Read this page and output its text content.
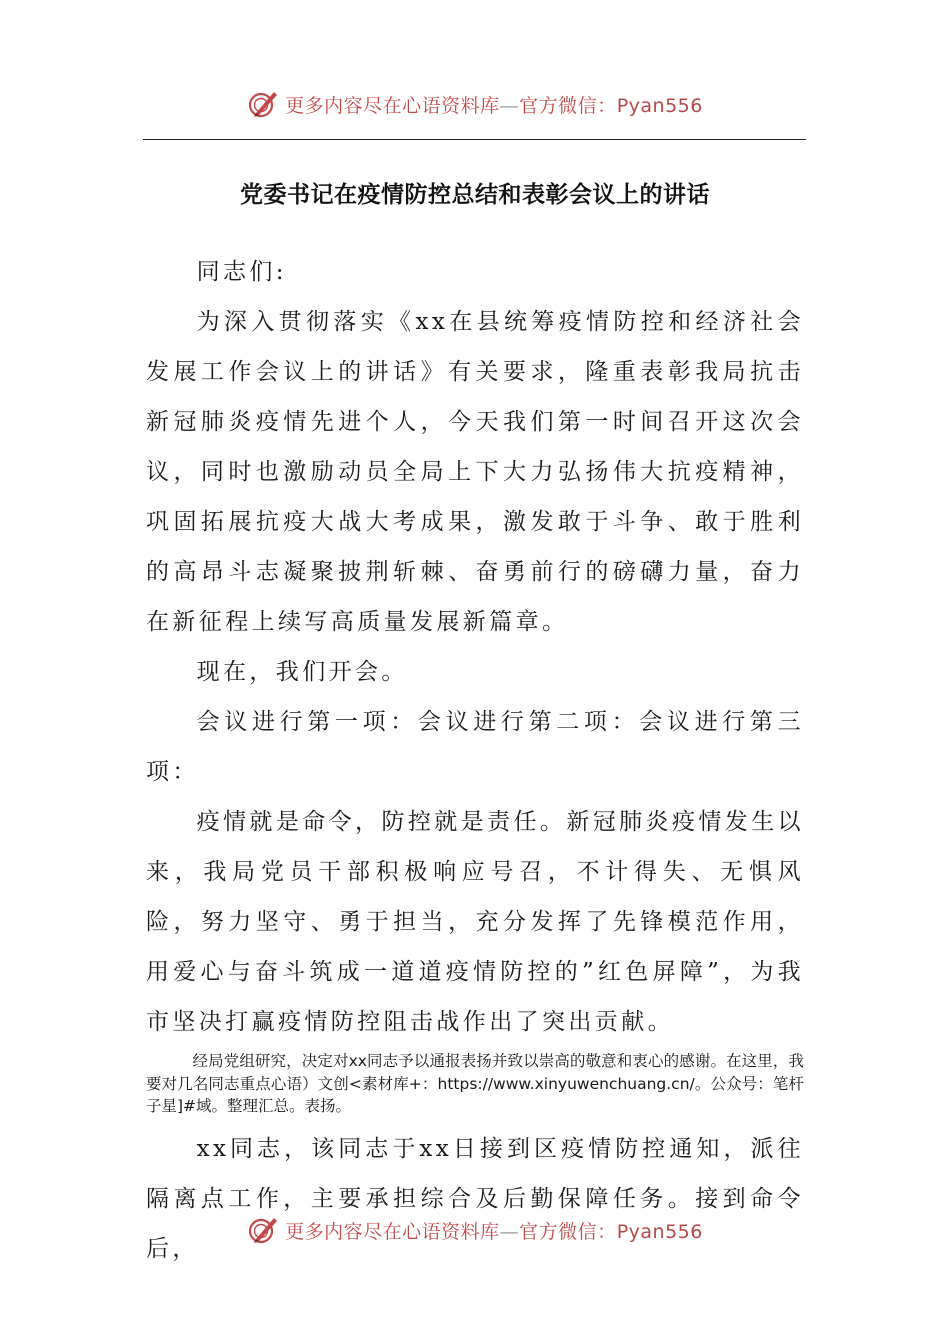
更多内容尽在心语资料库—官方微信：Pyan556
党委书记在疫情防控总结和表彰会议上的讲话

同志们:

为深入贯彻落实《xx在县统筹疫情防控和经济社会发展工作会议上的讲话》有关要求，隆重表彰我局抗击新冠肺炎疫情先进个人，今天我们第一时间召开这次会议，同时也激励动员全局上下大力弘扬伟大抗疫精神，巩固拓展抗疫大战大考成果，激发敢于斗争、敢于胜利的高昂斗志凝聚披荆斩棘、奋勇前行的磅礴力量，奋力在新征程上续写高质量发展新篇章。

现在，我们开会。

会议进行第一项：会议进行第二项：会议进行第三项：

疫情就是命令，防控就是责任。新冠肺炎疫情发生以来，我局党员干部积极响应号召，不计得失、无惧风险，努力坚守、勇于担当，充分发挥了先锋模范作用，用爱心与奋斗筑成一道道疫情防控的”红色屏障”，为我市坚决打赢疫情防控阻击战作出了突出贡献。

经局党组研究，决定对xx同志予以通报表扬并致以崇高的敬意和衷心的感谢。在这里，我要对几名同志重点心语）文创<素材库+：https://www.xinyuwenchuang.cn/。公众号：笔杆子星]#域。整理汇总。表扬。

xx同志，该同志于xx日接到区疫情防控通知，派往隔离点工作，主要承担综合及后勤保障任务。接到命令后，

更多内容尽在心语资料库—官方微信：Pyan556
